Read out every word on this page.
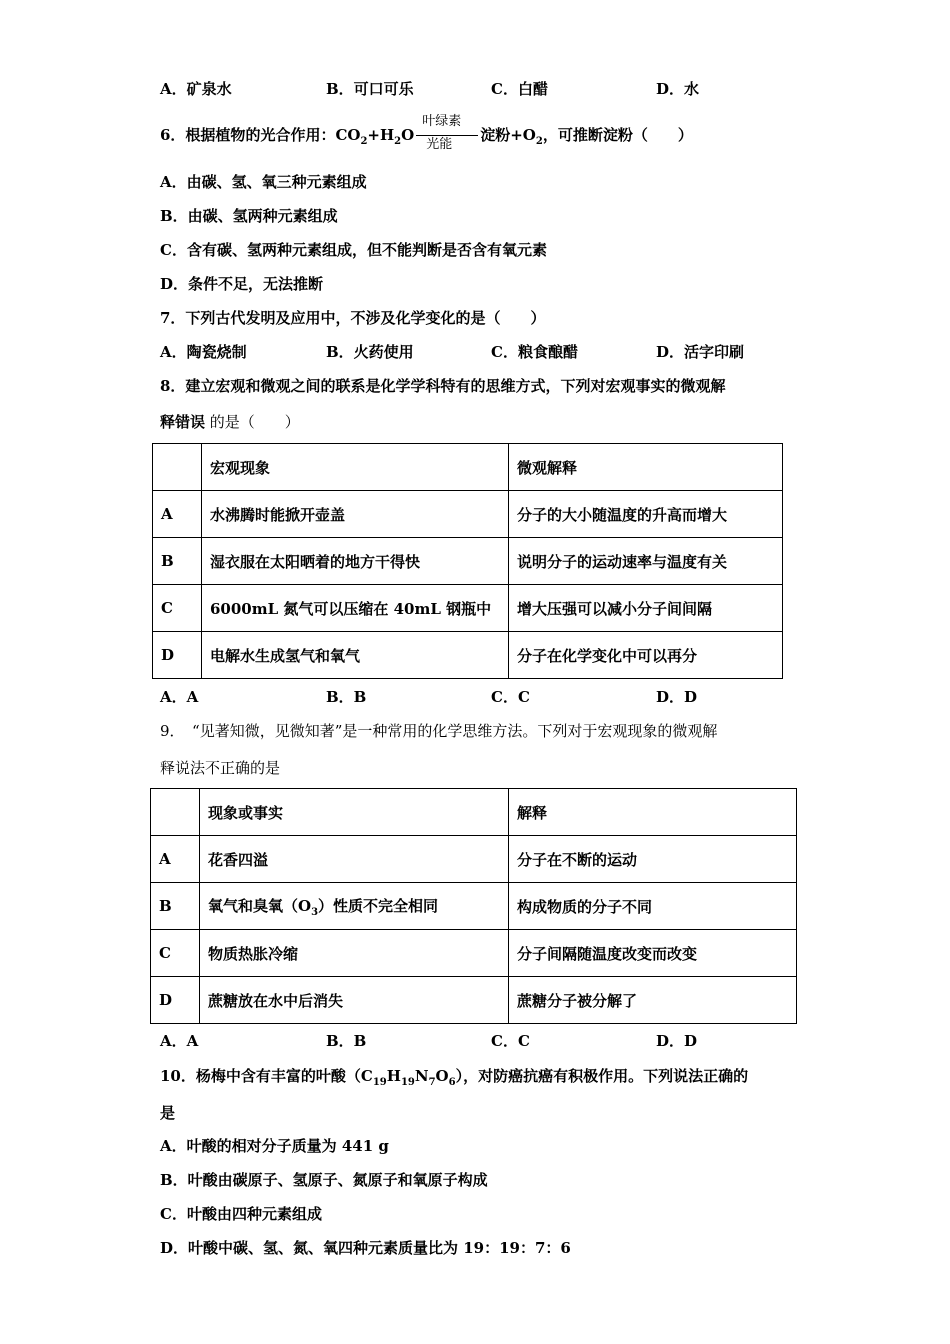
A．矿泉水	B．可口可乐	C．白醋	D．水
6．根据植物的光合作用：$CO_2+H_2O$
叶绿素
光能
淀粉$+O_2$，可推断淀粉（　　）
A．由碳、氢、氧三种元素组成
B．由碳、氢两种元素组成
C．含有碳、氢两种元素组成，但不能判断是否含有氧元素
D．条件不足，无法推断
7．下列古代发明及应用中，不涉及化学变化的是（　　）
A．陶瓷烧制	B．火药使用	C．粮食酿醋	D．活字印刷
8．建立宏观和微观之间的联系是化学学科特有的思维方式，下列对宏观事实的微观解
释错误 的是（　　）
	宏观现象	微观解释
A	水沸腾时能掀开壶盖	分子的大小随温度的升高而增大
B	湿衣服在太阳晒着的地方干得快	说明分子的运动速率与温度有关
C	6000mL 氮气可以压缩在 40mL 钢瓶中	增大压强可以减小分子间间隔
D	电解水生成氢气和氧气	分子在化学变化中可以再分
A．A	B．B	C．C	D．D
9．　“见著知微，见微知著”是一种常用的化学思维方法。下列对于宏观现象的微观解
释说法不正确的是
	现象或事实	解释
A	花香四溢	分子在不断的运动
B	氧气和臭氧$(O_3)$性质不完全相同	构成物质的分子不同
C	物质热胀冷缩	分子间隔随温度改变而改变
D	蔗糖放在水中后消失	蔗糖分子被分解了
A．A	B．B	C．C	D．D
10．杨梅中含有丰富的叶酸$(C_{19}H_{19}N_7O_6)$，对防癌抗癌有积极作用。下列说法正确的
是
A．叶酸的相对分子质量为 441 g
B．叶酸由碳原子、氢原子、氮原子和氧原子构成
C．叶酸由四种元素组成
D．叶酸中碳、氢、氮、氧四种元素质量比为 19：19：7：6
